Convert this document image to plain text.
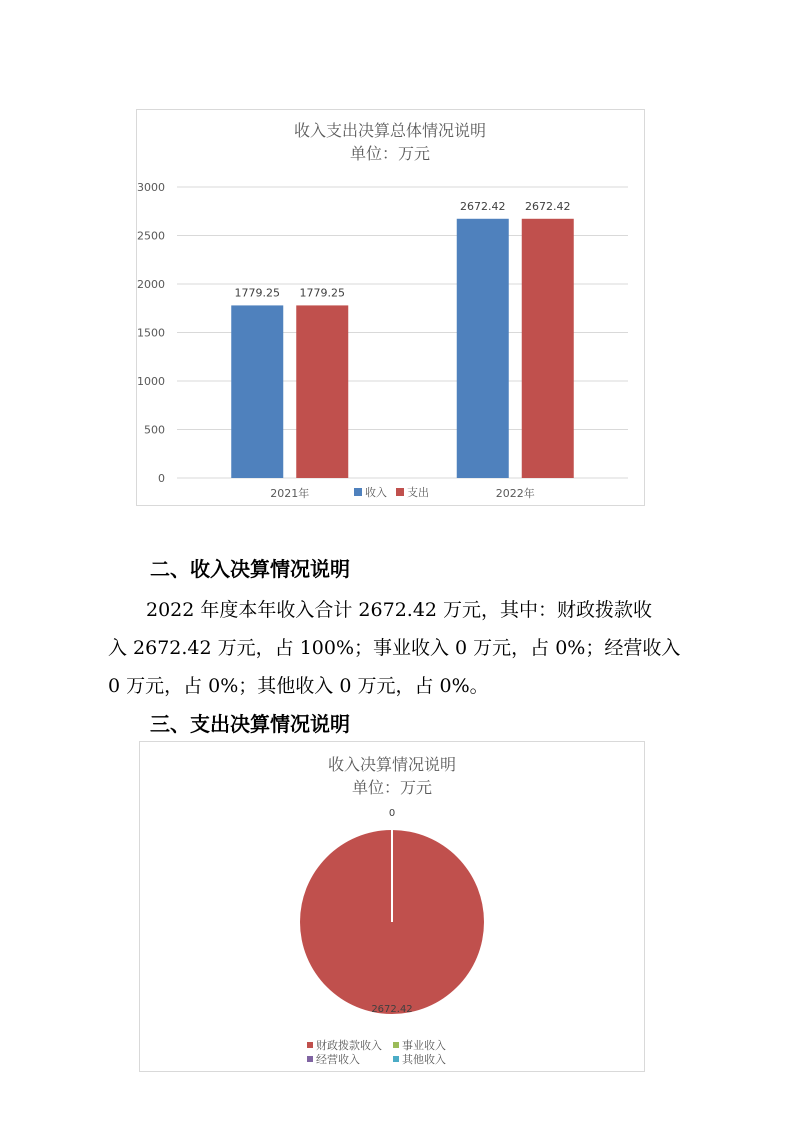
收入支出决算总体情况说明
单位：万元
0
500
1000
1500
2000
2500
3000
1779.25 1779.25
2672.42 2672.42
2021年	2022年
收入 支出
二、收入决算情况说明
2022 年度本年收入合计 2672.42 万元，其中：财政拨款收
入 2672.42 万元，占 100%；事业收入 0 万元，占 0%；经营收入
0 万元，占 0%；其他收入 0 万元，占 0%。
三、支出决算情况说明
收入决算情况说明
单位：万元
2672.42
0
财政拨款收入 事业收入
经营收入	其他收入
